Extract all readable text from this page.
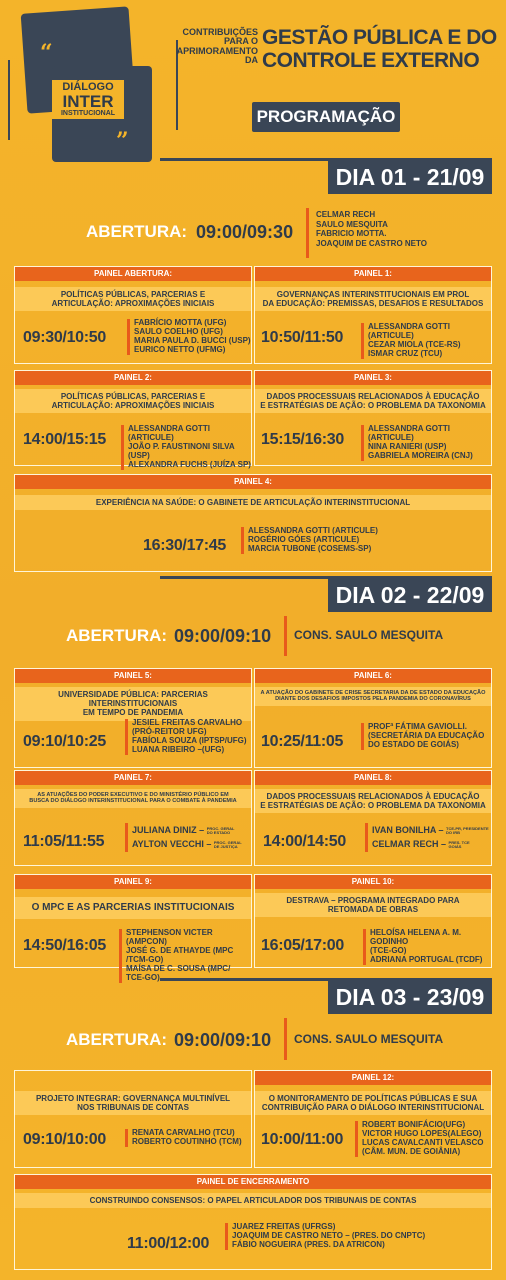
“
”
DIÁLOGO
INTER
INSTITUCIONAL
CONTRIBUIÇÕES
PARA O
APRIMORAMENTO
DA
GESTÃO PÚBLICA E DO
CONTROLE EXTERNO
PROGRAMAÇÃO
DIA 01 - 21/09
ABERTURA: 09:00/09:30
CELMAR RECH
SAULO MESQUITA
FABRICIO MOTTA.
JOAQUIM DE CASTRO NETO
PAINEL ABERTURA:
POLÍTICAS PÚBLICAS, PARCERIAS E
ARTICULAÇÃO: APROXIMAÇÕES INICIAIS
09:30/10:50
FABRÍCIO MOTTA (UFG)
SAULO COELHO (UFG)
MARIA PAULA D. BUCCI (USP)
EURICO NETTO (UFMG)
PAINEL 1:
GOVERNANÇAS INTERINSTITUCIONAIS EM PROL
DA EDUCAÇÃO: PREMISSAS, DESAFIOS E RESULTADOS
10:50/11:50
ALESSANDRA GOTTI (ARTICULE)
CEZAR MIOLA (TCE-RS)
ISMAR CRUZ (TCU)
PAINEL 2:
POLÍTICAS PÚBLICAS, PARCERIAS E
ARTICULAÇÃO: APROXIMAÇÕES INICIAIS
14:00/15:15
ALESSANDRA GOTTI (ARTICULE)
JOÃO P. FAUSTINONI SILVA (USP)
ALEXANDRA FUCHS (JUÍZA SP)
PAINEL 3:
DADOS PROCESSUAIS RELACIONADOS À EDUCAÇÃO
E ESTRATÉGIAS DE AÇÃO: O PROBLEMA DA TAXONOMIA
15:15/16:30
ALESSANDRA GOTTI (ARTICULE)
NINA RANIERI (USP)
GABRIELA MOREIRA (CNJ)
PAINEL 4:
EXPERIÊNCIA NA SAÚDE: O GABINETE DE ARTICULAÇÃO INTERINSTITUCIONAL
16:30/17:45
ALESSANDRA GOTTI (ARTICULE)
ROGÉRIO GÓES (ARTICULE)
MARCIA TUBONE (COSEMS-SP)
DIA 02 - 22/09
ABERTURA: 09:00/09:10 CONS. SAULO MESQUITA
PAINEL 5:
UNIVERSIDADE PÚBLICA: PARCERIAS INTERINSTITUCIONAIS
EM TEMPO DE PANDEMIA
09:10/10:25
JESIEL FREITAS CARVALHO
(PRÓ-REITOR UFG)
FABÍOLA SOUZA (IPTSP/UFG)
LUANA RIBEIRO –(UFG)
PAINEL 6:
A ATUAÇÃO DO GABINETE DE CRISE SECRETARIA DA DE ESTADO DA EDUCAÇÃO
DIANTE DOS DESAFIOS IMPOSTOS PELA PANDEMIA DO CORONAVÍRUS
10:25/11:05
PROFª FÁTIMA GAVIOLLI.
(SECRETÁRIA DA EDUCAÇÃO
DO ESTADO DE GOIÁS)
PAINEL 7:
AS ATUAÇÕES DO PODER EXECUTIVO E DO MINISTÉRIO PÚBLICO EM
BUSCA DO DIÁLOGO INTERINSTITUCIONAL PARA O COMBATE À PANDEMIA
11:05/11:55
JULIANA DINIZ – PROC. GERAL
DO ESTADO
AYLTON VECCHI – PROC. GERAL
DE JUSTIÇA
PAINEL 8:
DADOS PROCESSUAIS RELACIONADOS À EDUCAÇÃO
E ESTRATÉGIAS DE AÇÃO: O PROBLEMA DA TAXONOMIA
14:00/14:50
IVAN BONILHA – TCE-PR, PRESIDENTE
DO IRB
CELMAR RECH – PRES. TCE
GOIÁS
PAINEL 9:
O MPC E AS PARCERIAS INSTITUCIONAIS
14:50/16:05
STEPHENSON VICTER (AMPCON)
JOSÉ G. DE ATHAYDE (MPC /TCM-GO)
MAÍSA DE C. SOUSA (MPC/ TCE-GO)
PAINEL 10:
DESTRAVA – PROGRAMA INTEGRADO PARA
RETOMADA DE OBRAS
16:05/17:00
HELOÍSA HELENA A. M. GODINHO
(TCE-GO)
ADRIANA PORTUGAL (TCDF)
DIA 03 - 23/09
ABERTURA: 09:00/09:10 CONS. SAULO MESQUITA
PROJETO INTEGRAR: GOVERNANÇA MULTINÍVEL
NOS TRIBUNAIS DE CONTAS
09:10/10:00	RENATA CARVALHO (TCU)
ROBERTO COUTINHO (TCM)
PAINEL 12:
O MONITORAMENTO DE POLÍTICAS PÚBLICAS E SUA
CONTRIBUIÇÃO PARA O DIÁLOGO INTERINSTITUCIONAL
10:00/11:00
ROBERT BONIFÁCIO(UFG)
VICTOR HUGO LOPES(ALEGO)
LUCAS CAVALCANTI VELASCO
(CÂM. MUN. DE GOIÂNIA)
PAINEL DE ENCERRAMENTO
CONSTRUINDO CONSENSOS: O PAPEL ARTICULADOR DOS TRIBUNAIS DE CONTAS
11:00/12:00
JUAREZ FREITAS (UFRGS)
JOAQUIM DE CASTRO NETO – (PRES. DO CNPTC)
FÁBIO NOGUEIRA (PRES. DA ATRICON)
